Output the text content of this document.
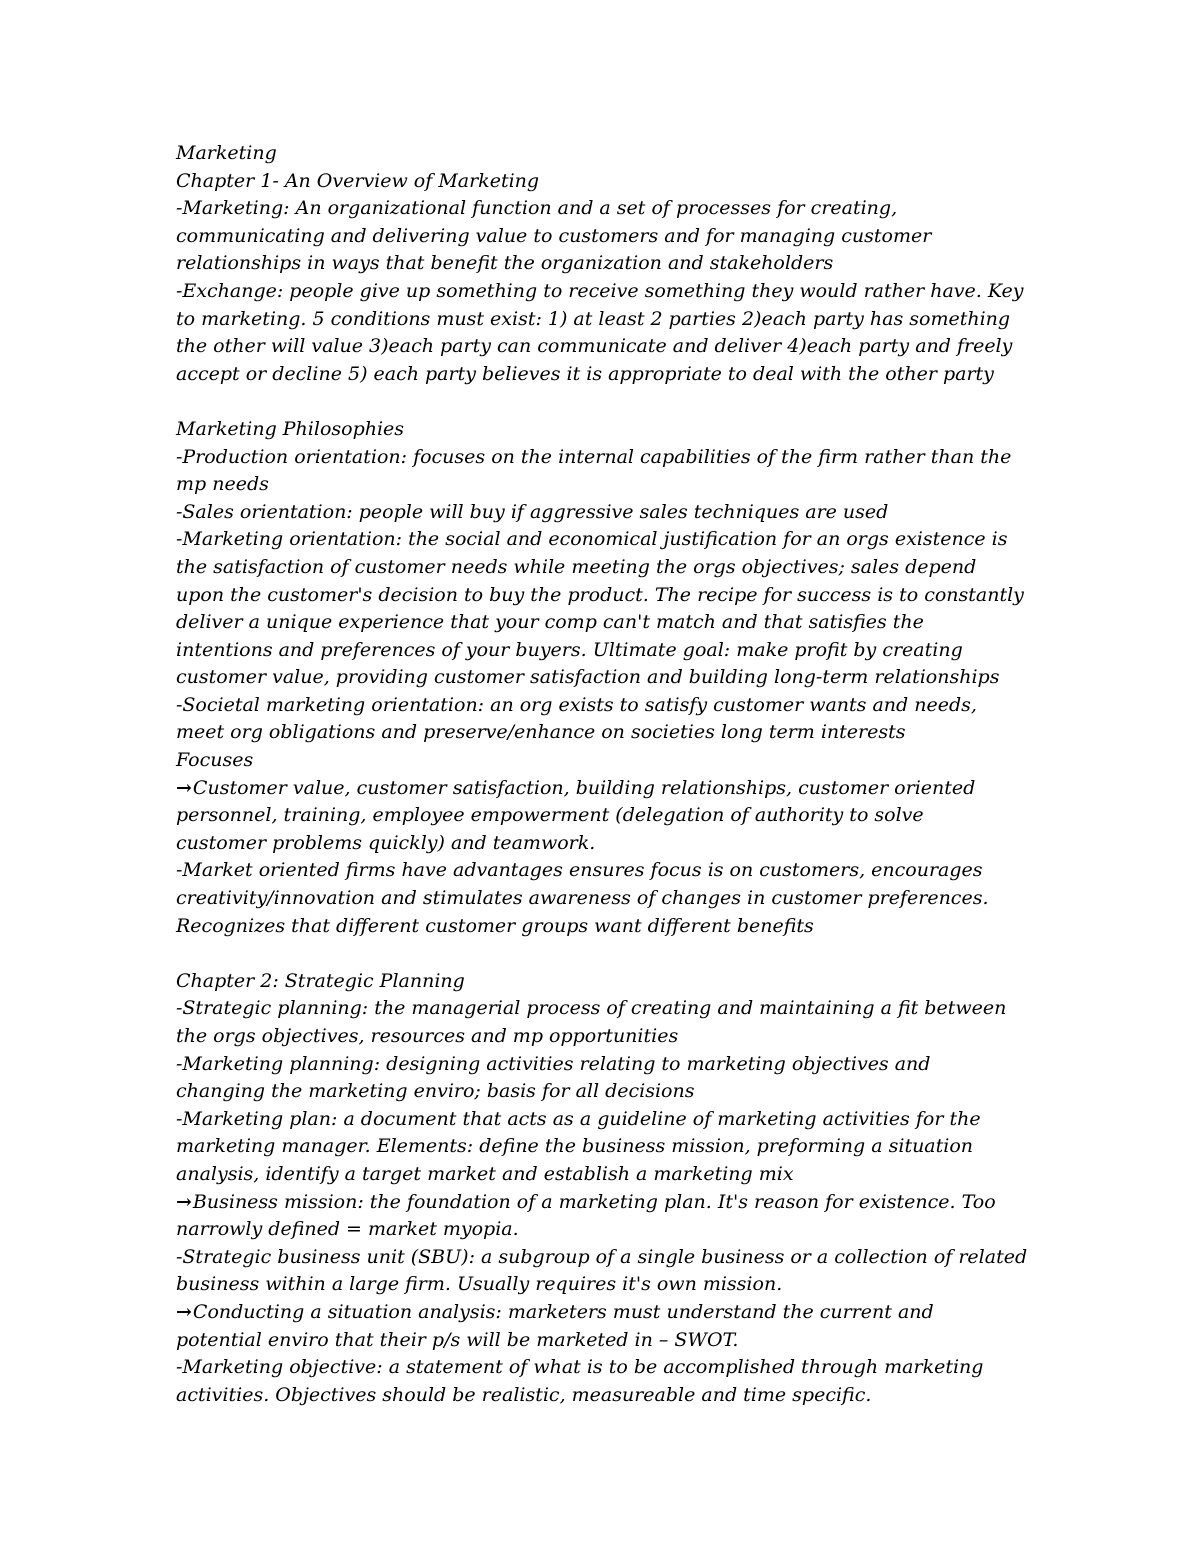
Marketing
Chapter 1- An Overview of Marketing
-Marketing: An organizational function and a set of processes for creating,
communicating and delivering value to customers and for managing customer
relationships in ways that benefit the organization and stakeholders
-Exchange: people give up something to receive something they would rather have. Key
to marketing. 5 conditions must exist: 1) at least 2 parties 2)each party has something
the other will value 3)each party can communicate and deliver 4)each party and freely
accept or decline 5) each party believes it is appropriate to deal with the other party
Marketing Philosophies
-Production orientation: focuses on the internal capabilities of the firm rather than the
mp needs
-Sales orientation: people will buy if aggressive sales techniques are used
-Marketing orientation: the social and economical justification for an orgs existence is
the satisfaction of customer needs while meeting the orgs objectives; sales depend
upon the customer's decision to buy the product. The recipe for success is to constantly
deliver a unique experience that your comp can't match and that satisfies the
intentions and preferences of your buyers. Ultimate goal: make profit by creating
customer value, providing customer satisfaction and building long-term relationships
-Societal marketing orientation: an org exists to satisfy customer wants and needs,
meet org obligations and preserve/enhance on societies long term interests
Focuses
→Customer value, customer satisfaction, building relationships, customer oriented
personnel, training, employee empowerment (delegation of authority to solve
customer problems quickly) and teamwork.
-Market oriented firms have advantages ensures focus is on customers, encourages
creativity/innovation and stimulates awareness of changes in customer preferences.
Recognizes that different customer groups want different benefits
Chapter 2: Strategic Planning
-Strategic planning: the managerial process of creating and maintaining a fit between
the orgs objectives, resources and mp opportunities
-Marketing planning: designing activities relating to marketing objectives and
changing the marketing enviro; basis for all decisions
-Marketing plan: a document that acts as a guideline of marketing activities for the
marketing manager. Elements: define the business mission, preforming a situation
analysis, identify a target market and establish a marketing mix
→Business mission: the foundation of a marketing plan. It's reason for existence. Too
narrowly defined = market myopia.
-Strategic business unit (SBU): a subgroup of a single business or a collection of related
business within a large firm. Usually requires it's own mission.
→Conducting a situation analysis: marketers must understand the current and
potential enviro that their p/s will be marketed in – SWOT.
-Marketing objective: a statement of what is to be accomplished through marketing
activities. Objectives should be realistic, measureable and time specific.
